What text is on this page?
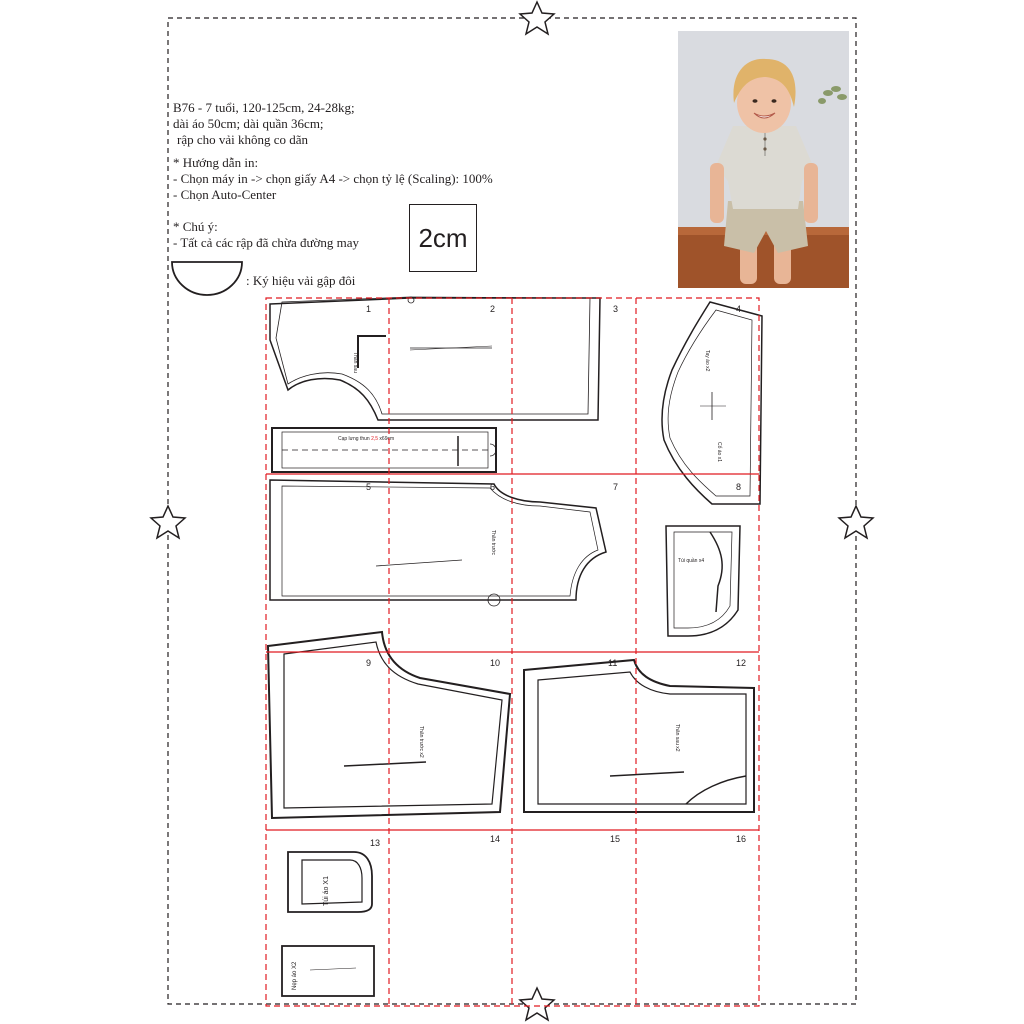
B76 - 7 tuổi, 120-125cm, 24-28kg;
dài áo 50cm; dài quần 36cm;
rập cho vải không co dãn
* Hướng dẫn in:
- Chọn máy in -> chọn giấy A4 -> chọn tỷ lệ (Scaling): 100%
- Chọn Auto-Center
* Chú ý:
- Tất cả các rập đã chừa đường may
: Ký hiệu vải gập đôi
2cm
Cạp lưng thun 2,5 x69cm
Thân sau	Tay áo x2
Cổ áo x1
Thân trước
Túi quần x4
Thân trước x2	Thân sau x2
Túi áo X1
Nẹp áo X2
1	2	3	4
5	6	7	8
9	10	11	12
13	14	15	16
